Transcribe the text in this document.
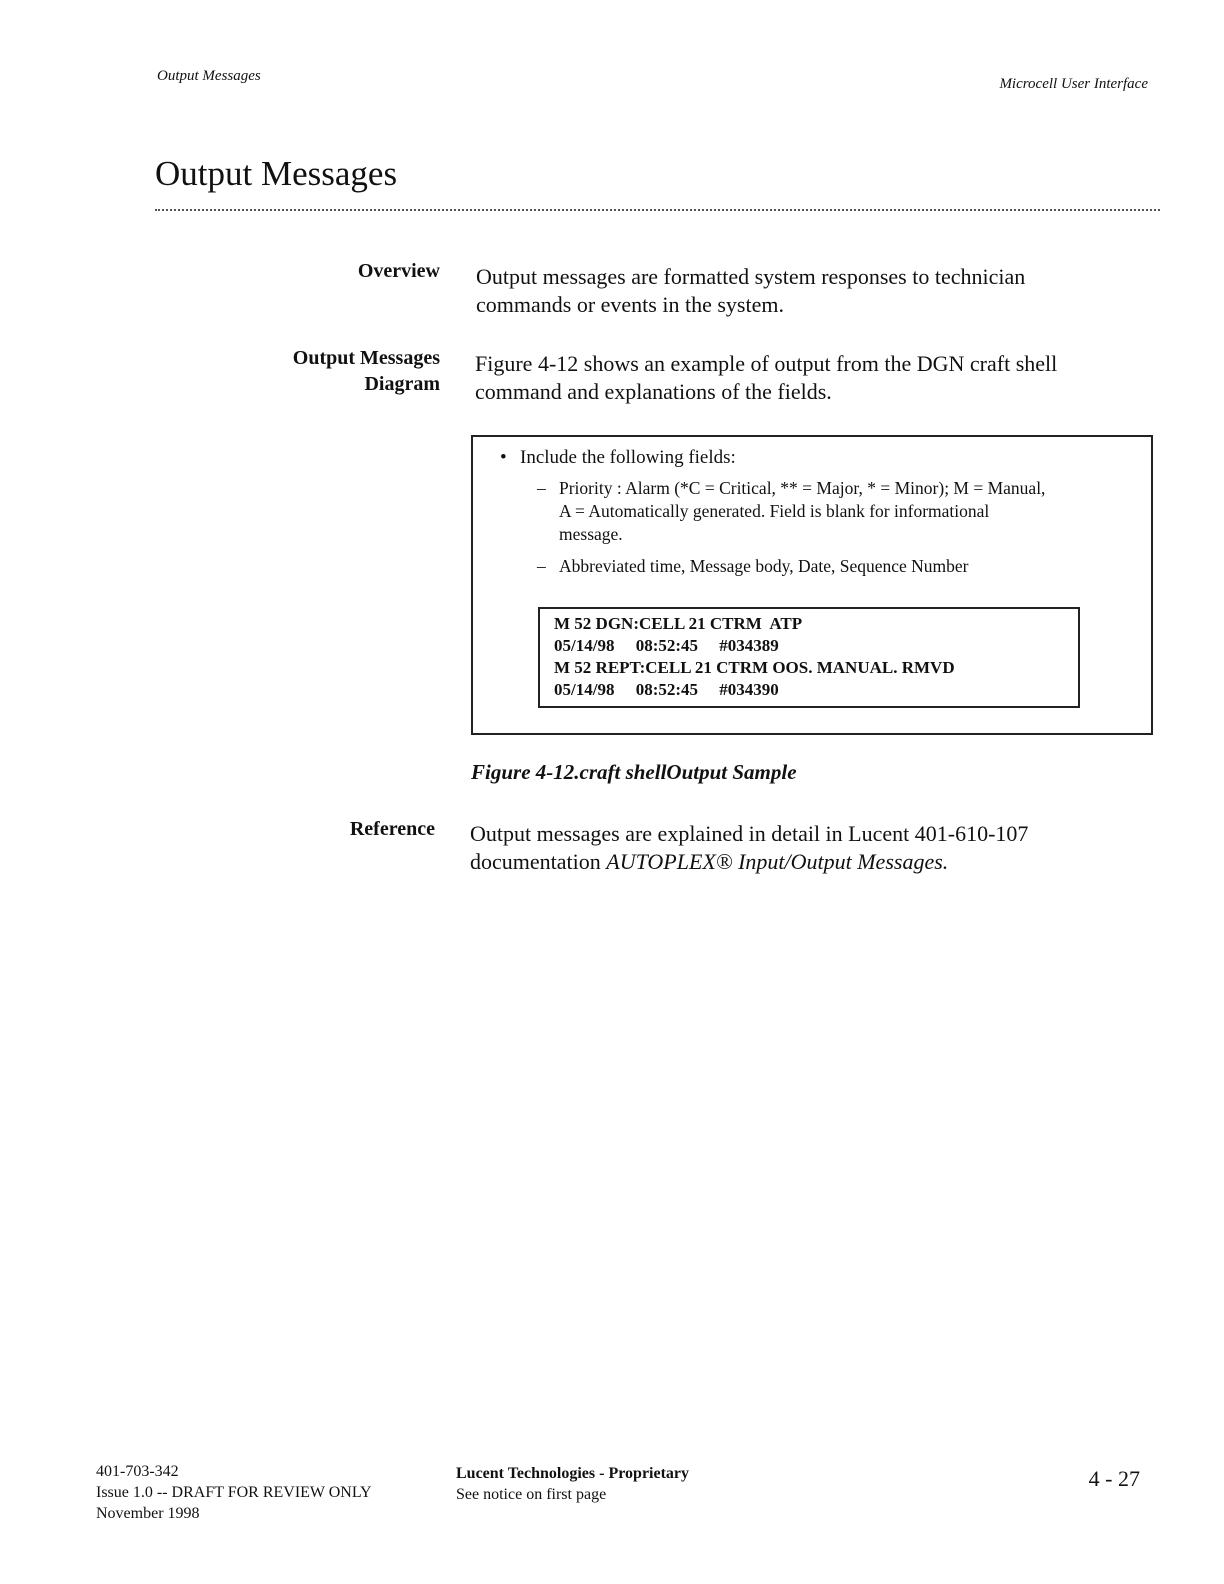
Output Messages	Microcell User Interface
Output Messages
Overview Output messages are formatted system responses to technician
commands or events in the system.
Output Messages
Diagram
Figure 4-12 shows an example of output from the DGN craft shell
command and explanations of the fields.
• Include the following fields:
– Priority : Alarm (*C = Critical, ** = Major, * = Minor); M = Manual,
A = Automatically generated. Field is blank for informational
message.
– Abbreviated time, Message body, Date, Sequence Number
M 52 DGN:CELL 21 CTRM  ATP
05/14/98     08:52:45     #034389
M 52 REPT:CELL 21 CTRM OOS. MANUAL. RMVD
05/14/98     08:52:45     #034390
Figure 4-12.craft shellOutput Sample
Reference Output messages are explained in detail in Lucent 401-610-107
documentation AUTOPLEX® Input/Output Messages.
401-703-342
Issue 1.0 -- DRAFT FOR REVIEW ONLY
November 1998
Lucent Technologies - Proprietary
See notice on first page
4 - 27
